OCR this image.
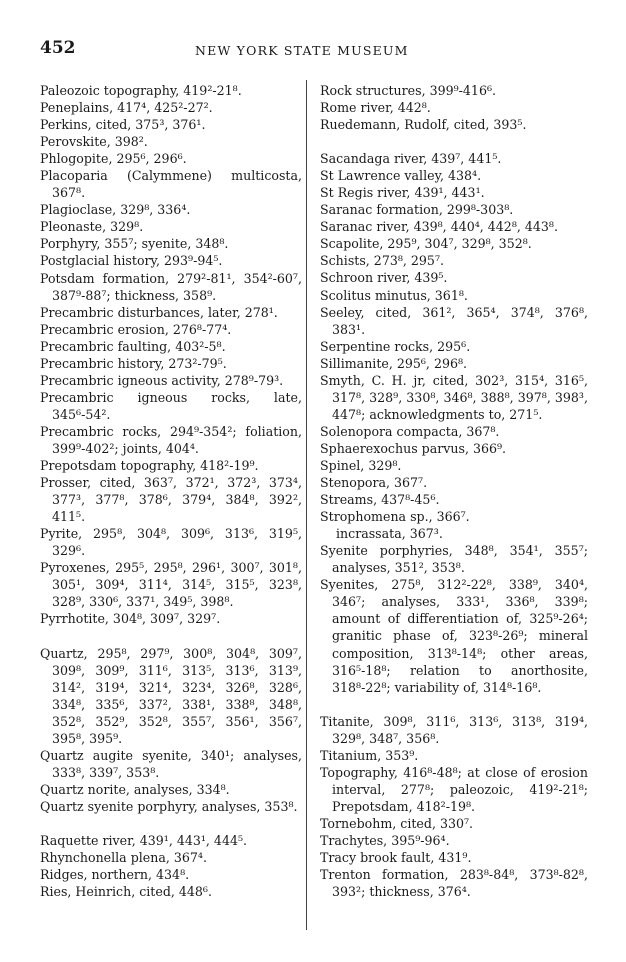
452	NEW YORK STATE MUSEUM
Paleozoic topography, 419²-21⁸.
Peneplains, 417⁴, 425²-27².
Perkins, cited, 375³, 376¹.
Perovskite, 398².
Phlogopite, 295⁶, 296⁶.
Placoparia (Calymmene) multicosta, 367⁸.
Plagioclase, 329⁸, 336⁴.
Pleonaste, 329⁸.
Porphyry, 355⁷; syenite, 348⁸.
Postglacial history, 293⁹-94⁵.
Potsdam formation, 279²-81¹, 354²-60⁷, 387⁹-88⁷; thickness, 358⁹.
Precambric disturbances, later, 278¹.
Precambric erosion, 276⁸-77⁴.
Precambric faulting, 403²-5⁸.
Precambric history, 273²-79⁵.
Precambric igneous activity, 278⁹-79³.
Precambric igneous rocks, late, 345⁶-54².
Precambric rocks, 294⁹-354²; foliation, 399⁹-402²; joints, 404⁴.
Prepotsdam topography, 418²-19⁹.
Prosser, cited, 363⁷, 372¹, 372³, 373⁴, 377³, 377⁸, 378⁶, 379⁴, 384⁸, 392², 411⁵.
Pyrite, 295⁸, 304⁸, 309⁶, 313⁶, 319⁵, 329⁶.
Pyroxenes, 295⁵, 295⁸, 296¹, 300⁷, 301⁸, 305¹, 309⁴, 311⁴, 314⁵, 315⁵, 323⁸, 328⁹, 330⁶, 337¹, 349⁵, 398⁸.
Pyrrhotite, 304⁸, 309⁷, 329⁷.
Quartz, 295⁸, 297⁹, 300⁸, 304⁸, 309⁷, 309⁸, 309⁹, 311⁶, 313⁵, 313⁶, 313⁹, 314², 319⁴, 321⁴, 323⁴, 326⁸, 328⁶, 334⁸, 335⁶, 337², 338¹, 338⁸, 348⁸, 352⁸, 352⁹, 352⁸, 355⁷, 356¹, 356⁷, 395⁸, 395⁹.
Quartz augite syenite, 340¹; analyses, 333⁸, 339⁷, 353⁸.
Quartz norite, analyses, 334⁸.
Quartz syenite porphyry, analyses, 353⁸.
Raquette river, 439¹, 443¹, 444⁵.
Rhynchonella plena, 367⁴.
Ridges, northern, 434⁸.
Ries, Heinrich, cited, 448⁶.
Rock structures, 399⁹-416⁶.
Rome river, 442⁸.
Ruedemann, Rudolf, cited, 393⁵.
Sacandaga river, 439⁷, 441⁵.
St Lawrence valley, 438⁴.
St Regis river, 439¹, 443¹.
Saranac formation, 299⁸-303⁸.
Saranac river, 439⁸, 440⁴, 442⁸, 443⁸.
Scapolite, 295⁹, 304⁷, 329⁸, 352⁸.
Schists, 273⁸, 295⁷.
Schroon river, 439⁵.
Scolitus minutus, 361⁸.
Seeley, cited, 361², 365⁴, 374⁸, 376⁸, 383¹.
Serpentine rocks, 295⁶.
Sillimanite, 295⁶, 296⁸.
Smyth, C. H. jr, cited, 302³, 315⁴, 316⁵, 317⁸, 328⁹, 330⁸, 346⁸, 388⁸, 397⁸, 398³, 447⁸; acknowledgments to, 271⁵.
Solenopora compacta, 367⁸.
Sphaerexochus parvus, 366⁹.
Spinel, 329⁸.
Stenopora, 367⁷.
Streams, 437⁸-45⁶.
Strophomena sp., 366⁷.
incrassata, 367³.
Syenite porphyries, 348⁸, 354¹, 355⁷; analyses, 351², 353⁸.
Syenites, 275⁸, 312²-22⁸, 338⁹, 340⁴, 346⁷; analyses, 333¹, 336⁸, 339⁸; amount of differentiation of, 325⁹-26⁴; granitic phase of, 323⁸-26⁹; mineral composition, 313⁸-14⁸; other areas, 316⁵-18⁸; relation to anorthosite, 318⁸-22⁸; variability of, 314⁸-16⁸.
Titanite, 309⁸, 311⁶, 313⁶, 313⁸, 319⁴, 329⁸, 348⁷, 356⁸.
Titanium, 353⁹.
Topography, 416⁸-48⁸; at close of erosion interval, 277⁸; paleozoic, 419²-21⁸; Prepotsdam, 418²-19⁸.
Tornebohm, cited, 330⁷.
Trachytes, 395⁹-96⁴.
Tracy brook fault, 431⁹.
Trenton formation, 283⁸-84⁸, 373⁸-82⁸, 393²; thickness, 376⁴.
